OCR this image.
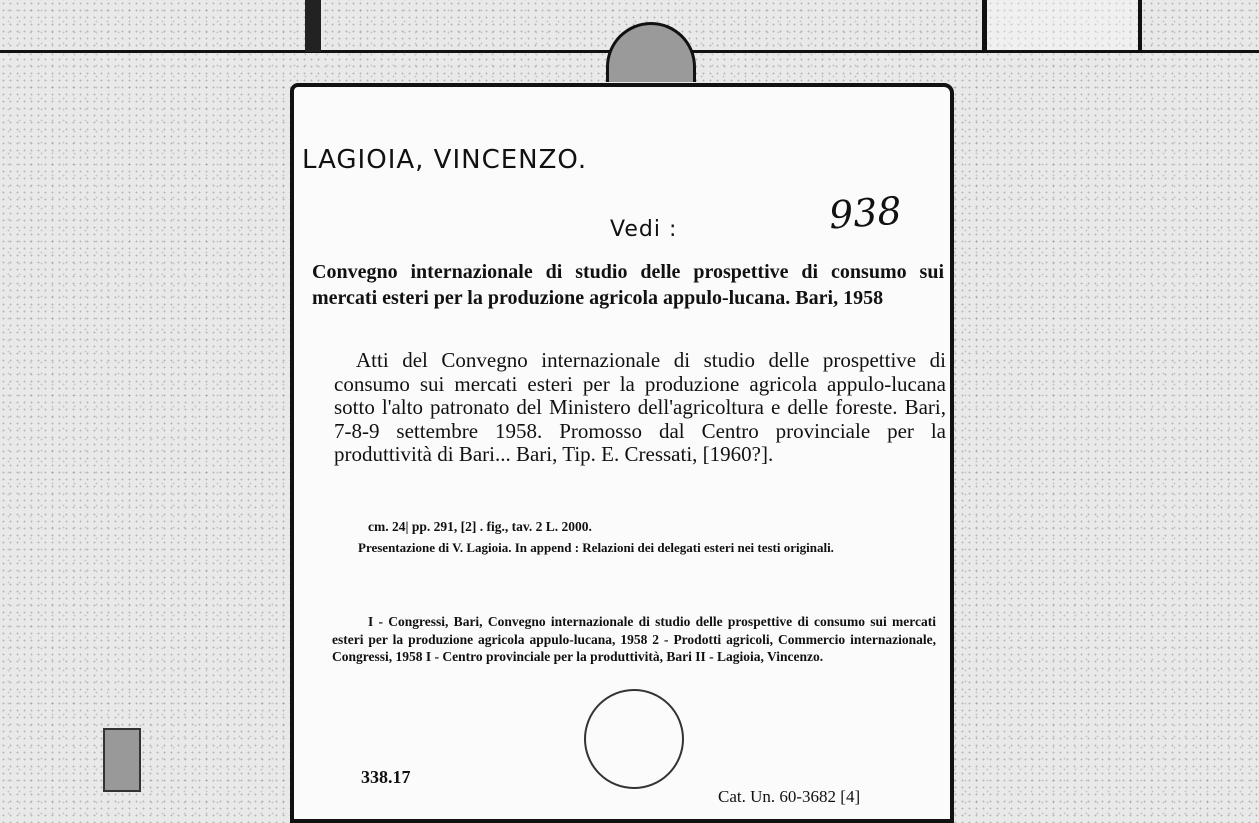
LAGIOIA, VINCENZO.
Vedi :	938
Convegno internazionale di studio delle prospettive di consumo sui mercati esteri per la produzione agricola appulo-lucana. Bari, 1958
Atti del Convegno internazionale di studio delle prospettive di consumo sui mercati esteri per la produzione agricola appulo-lucana sotto l'alto patronato del Ministero dell'agricoltura e delle foreste. Bari, 7-8-9 settembre 1958. Promosso dal Centro provinciale per la produttività di Bari... Bari, Tip. E. Cressati, [1960?].
cm. 24| pp. 291, [2] . fig., tav. 2 L. 2000.
Presentazione di V. Lagioia. In append : Relazioni dei delegati esteri nei testi originali.
I - Congressi, Bari, Convegno internazionale di studio delle prospettive di consumo sui mercati esteri per la produzione agricola appulo-lucana, 1958 2 - Prodotti agricoli, Commercio internazionale, Congressi, 1958 I - Centro provinciale per la produttività, Bari II - Lagioia, Vincenzo.
338.17
Cat. Un. 60-3682 [4]
